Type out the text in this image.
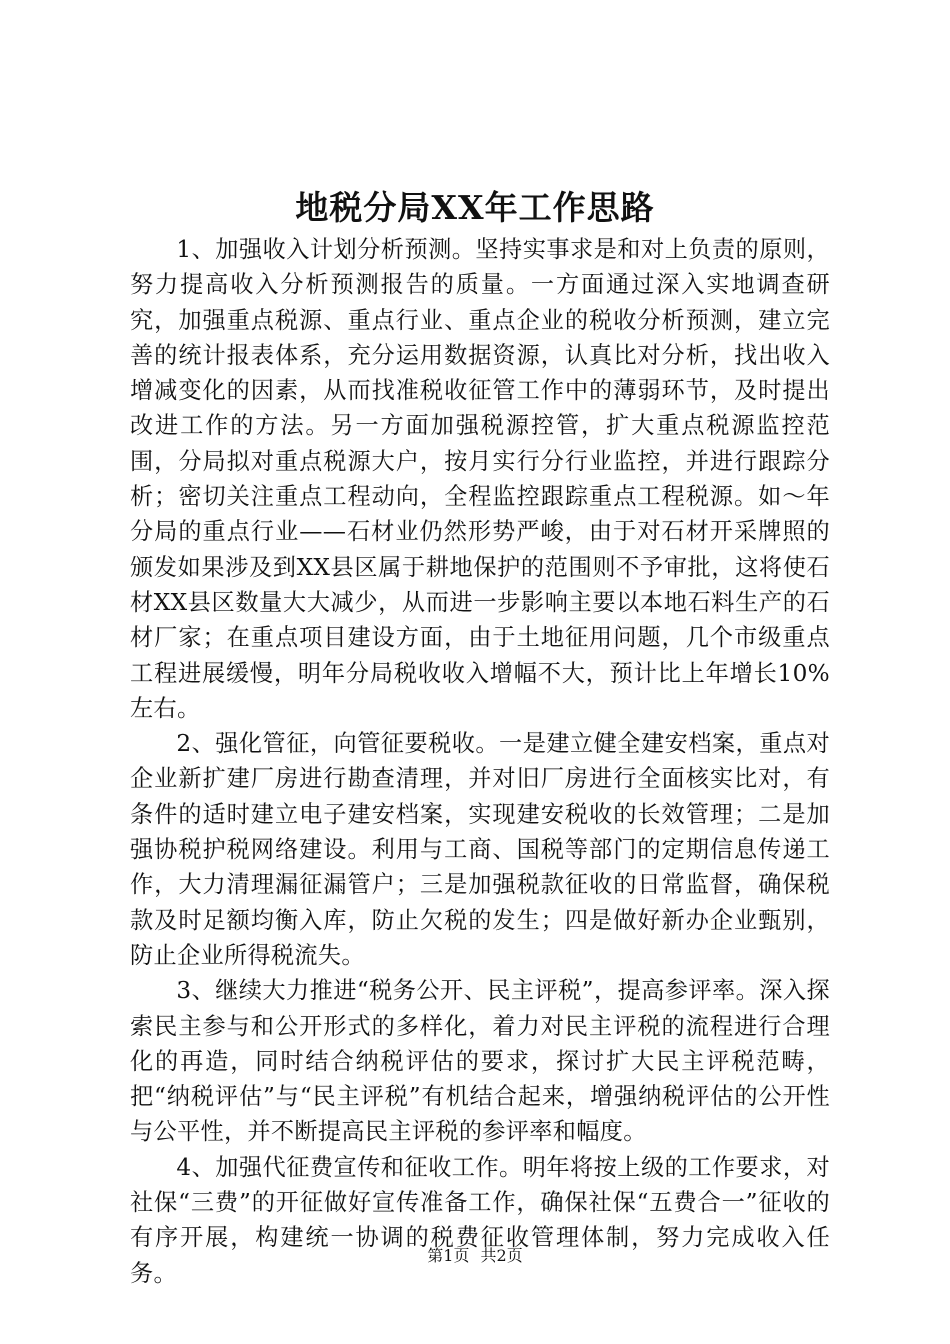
地税分局XX年工作思路

1、加强收入计划分析预测。坚持实事求是和对上负责的原则，努力提高收入分析预测报告的质量。一方面通过深入实地调查研究，加强重点税源、重点行业、重点企业的税收分析预测，建立完善的统计报表体系，充分运用数据资源，认真比对分析，找出收入增减变化的因素，从而找准税收征管工作中的薄弱环节，及时提出改进工作的方法。另一方面加强税源控管，扩大重点税源监控范围，分局拟对重点税源大户，按月实行分行业监控，并进行跟踪分析；密切关注重点工程动向，全程监控跟踪重点工程税源。如～年分局的重点行业——石材业仍然形势严峻，由于对石材开采牌照的颁发如果涉及到XX县区属于耕地保护的范围则不予审批，这将使石材XX县区数量大大减少，从而进一步影响主要以本地石料生产的石材厂家；在重点项目建设方面，由于土地征用问题，几个市级重点工程进展缓慢，明年分局税收收入增幅不大，预计比上年增长10%左右。

2、强化管征，向管征要税收。一是建立健全建安档案，重点对企业新扩建厂房进行勘查清理，并对旧厂房进行全面核实比对，有条件的适时建立电子建安档案，实现建安税收的长效管理；二是加强协税护税网络建设。利用与工商、国税等部门的定期信息传递工作，大力清理漏征漏管户；三是加强税款征收的日常监督，确保税款及时足额均衡入库，防止欠税的发生；四是做好新办企业甄别，防止企业所得税流失。

3、继续大力推进“税务公开、民主评税”，提高参评率。深入探索民主参与和公开形式的多样化，着力对民主评税的流程进行合理化的再造，同时结合纳税评估的要求，探讨扩大民主评税范畴，把“纳税评估”与“民主评税”有机结合起来，增强纳税评估的公开性与公平性，并不断提高民主评税的参评率和幅度。

4、加强代征费宣传和征收工作。明年将按上级的工作要求，对社保“三费”的开征做好宣传准备工作，确保社保“五费合一”征收的有序开展，构建统一协调的税费征收管理体制，努力完成收入任务。

第1页 共2页
